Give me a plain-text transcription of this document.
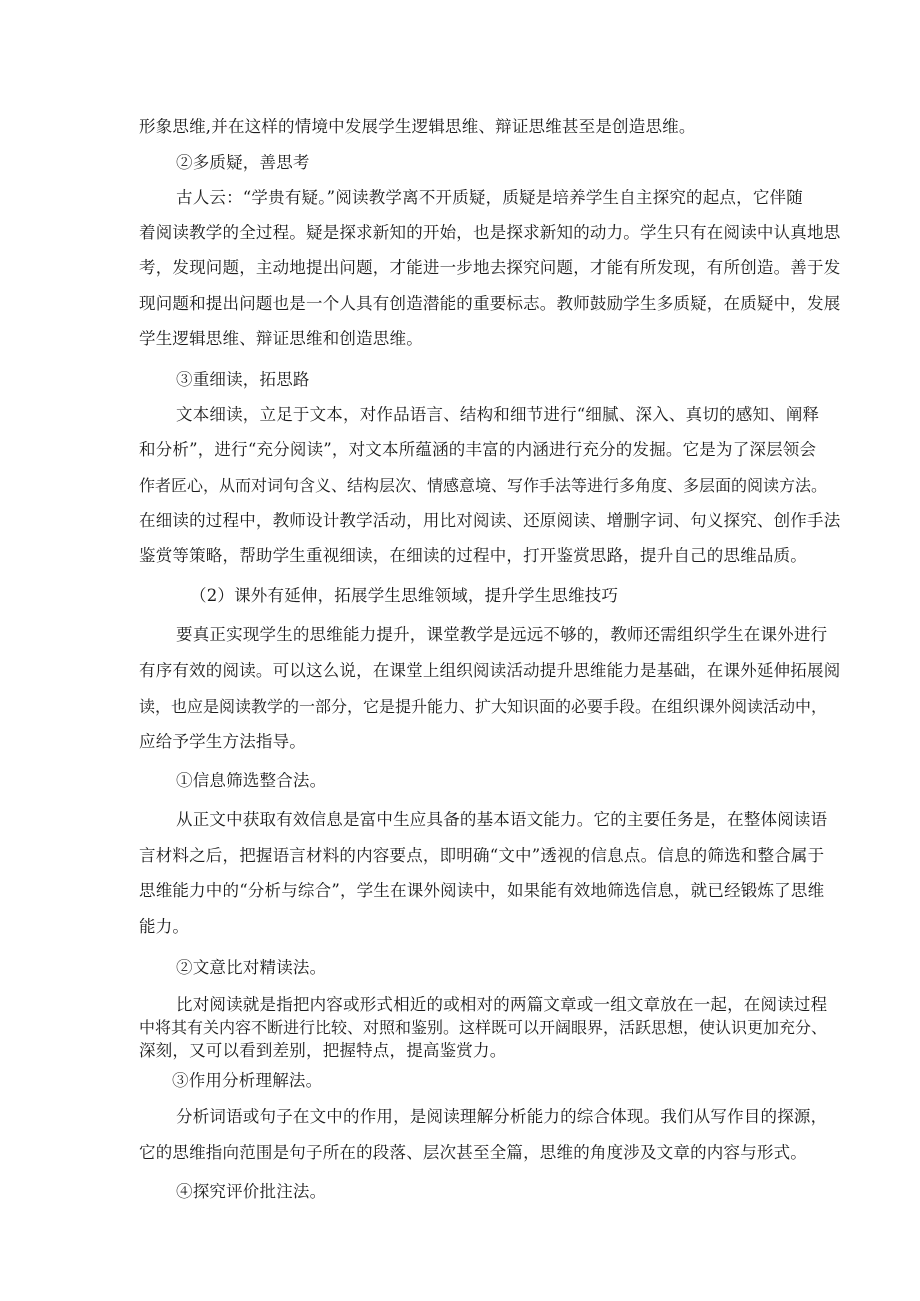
形象思维,并在这样的情境中发展学生逻辑思维、辩证思维甚至是创造思维。
②多质疑，善思考
古人云：“学贵有疑。”阅读教学离不开质疑，质疑是培养学生自主探究的起点，它伴随
着阅读教学的全过程。疑是探求新知的开始，也是探求新知的动力。学生只有在阅读中认真地思
考，发现问题，主动地提出问题，才能进一步地去探究问题，才能有所发现，有所创造。善于发
现问题和提出问题也是一个人具有创造潜能的重要标志。教师鼓励学生多质疑，在质疑中，发展
学生逻辑思维、辩证思维和创造思维。
③重细读，拓思路
文本细读，立足于文本，对作品语言、结构和细节进行“细腻、深入、真切的感知、阐释
和分析”，进行“充分阅读”，对文本所蕴涵的丰富的内涵进行充分的发掘。它是为了深层领会
作者匠心，从而对词句含义、结构层次、情感意境、写作手法等进行多角度、多层面的阅读方法。
在细读的过程中，教师设计教学活动，用比对阅读、还原阅读、增删字词、句义探究、创作手法
鉴赏等策略，帮助学生重视细读，在细读的过程中，打开鉴赏思路，提升自己的思维品质。
（2）课外有延伸，拓展学生思维领域，提升学生思维技巧
要真正实现学生的思维能力提升，课堂教学是远远不够的，教师还需组织学生在课外进行
有序有效的阅读。可以这么说，在课堂上组织阅读活动提升思维能力是基础，在课外延伸拓展阅
读，也应是阅读教学的一部分，它是提升能力、扩大知识面的必要手段。在组织课外阅读活动中，
应给予学生方法指导。
①信息筛选整合法。
从正文中获取有效信息是富中生应具备的基本语文能力。它的主要任务是，在整体阅读语
言材料之后，把握语言材料的内容要点，即明确“文中”透视的信息点。信息的筛选和整合属于
思维能力中的“分析与综合”，学生在课外阅读中，如果能有效地筛选信息，就已经锻炼了思维
能力。
②文意比对精读法。
比对阅读就是指把内容或形式相近的或相对的两篇文章或一组文章放在一起，在阅读过程
中将其有关内容不断进行比较、对照和鉴别。这样既可以开阔眼界，活跃思想，使认识更加充分、
深刻，又可以看到差别，把握特点，提高鉴赏力。
③作用分析理解法。
分析词语或句子在文中的作用，是阅读理解分析能力的综合体现。我们从写作目的探源，
它的思维指向范围是句子所在的段落、层次甚至全篇，思维的角度涉及文章的内容与形式。
④探究评价批注法。
